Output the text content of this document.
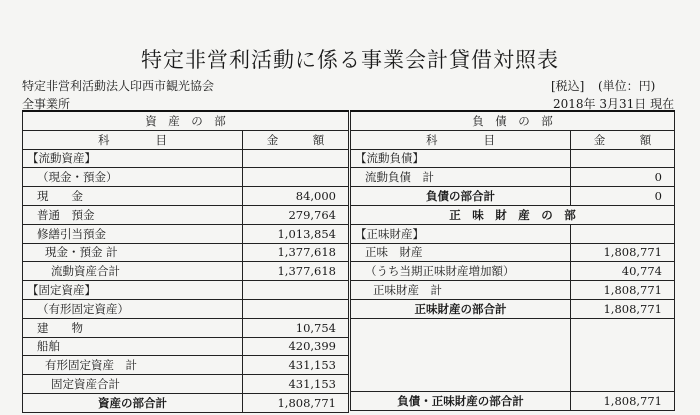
特定非営利活動に係る事業会計貸借対照表
特定非営利活動法人印西市観光協会
全事業所
[税込] (単位：円)
2018年 3月31日 現在
資　産　の　部	
科　　　　目	金　　　額
【流動資産】	
（現金・預金）	
現　　金	84,000
普通　預金	279,764
修繕引当預金	1,013,854
現金・預金 計	1,377,618
流動資産合計	1,377,618
【固定資産】	
（有形固定資産）	
建　　物	10,754
船舶	420,399
有形固定資産　計	431,153
固定資産合計	431,153
資産の部合計	1,808,771
負　債　の　部	
科　　　　目	金　　　額
【流動負債】	
流動負債　計	0
負債の部合計	0
正　味　財　産　の　部	
【正味財産】	
正味　財産	1,808,771
（うち当期正味財産増加額）	40,774
正味財産　計	1,808,771
正味財産の部合計	1,808,771

負債・正味財産の部合計	1,808,771
